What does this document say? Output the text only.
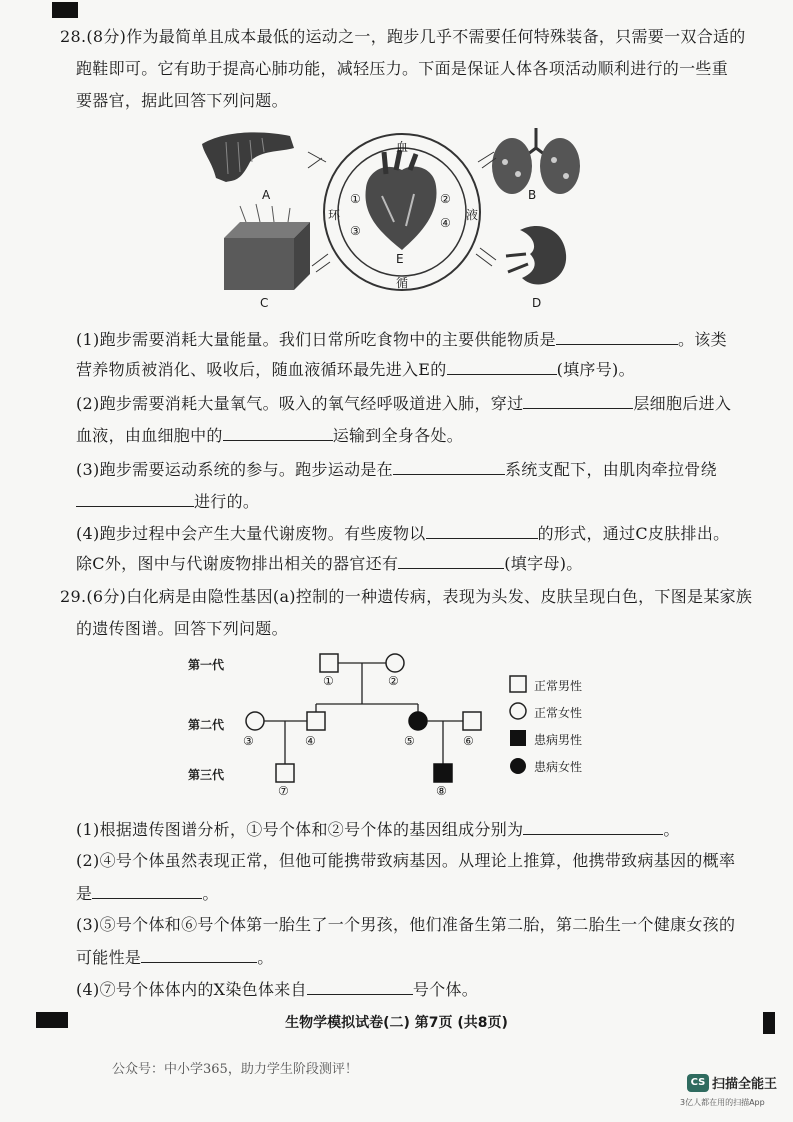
28.(8分)作为最简单且成本最低的运动之一，跑步几乎不需要任何特殊装备，只需要一双合适的
跑鞋即可。它有助于提高心肺功能，减轻压力。下面是保证人体各项活动顺利进行的一些重
要器官，据此回答下列问题。
A	B
C	D
E
血
环	液
循
①	②
③
④
(1)跑步需要消耗大量能量。我们日常所吃食物中的主要供能物质是	。该类
营养物质被消化、吸收后，随血液循环最先进入E的	(填序号)。
(2)跑步需要消耗大量氧气。吸入的氧气经呼吸道进入肺，穿过	层细胞后进入
血液，由血细胞中的	运输到全身各处。
(3)跑步需要运动系统的参与。跑步运动是在	系统支配下，由肌肉牵拉骨绕
进行的。
(4)跑步过程中会产生大量代谢废物。有些废物以	的形式，通过C皮肤排出。
除C外，图中与代谢废物排出相关的器官还有	(填字母)。
29.(6分)白化病是由隐性基因(a)控制的一种遗传病，表现为头发、皮肤呈现白色，下图是某家族
的遗传图谱。回答下列问题。
第一代
第二代
第三代
①	②
③	④	⑤	⑥
⑦	⑧
正常男性
正常女性
患病男性
患病女性
(1)根据遗传图谱分析，①号个体和②号个体的基因组成分别为	。
(2)④号个体虽然表现正常，但他可能携带致病基因。从理论上推算，他携带致病基因的概率
是	。
(3)⑤号个体和⑥号个体第一胎生了一个男孩，他们准备生第二胎，第二胎生一个健康女孩的
可能性是	。
(4)⑦号个体体内的X染色体来自	号个体。
生物学模拟试卷(二) 第7页 (共8页)
公众号：中小学365，助力学生阶段测评！
CS 扫描全能王
3亿人都在用的扫描App
